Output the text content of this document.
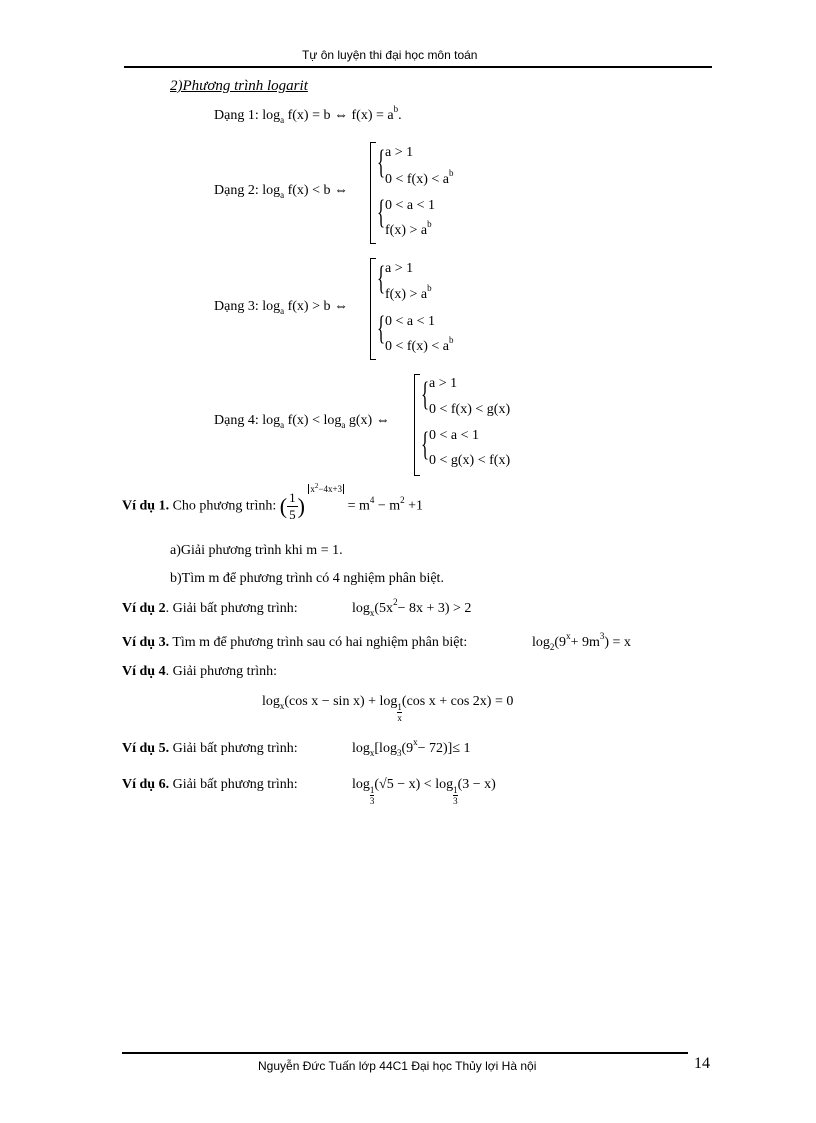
Tự ôn luyện thi đại học môn toán
2)Phương trình logarit
Dạng 1: $\log_a f(x) = b$ ⇔ $f(x) = a^b$.
Dạng 2: $\log_a f(x) < b$ ⇔
{
{
a > 1
$0 < f(x) < a^b$
0 < a < 1
$f(x) > a^b$
Dạng 3: $\log_a f(x) > b$ ⇔
{
{
a > 1
$f(x) > a^b$
0 < a < 1
$0 < f(x) < a^b$
Dạng 4: $\log_a f(x) < \log_a g(x)$ ⇔
{
{
a > 1
0 < f(x) < g(x)
0 < a < 1
0 < g(x) < f(x)
Ví dụ 1. Cho phương trình: ( $\frac{1}{5}$ ) $^{x^2-4x+3} = m^4 - m^2 +1$
a)Giải phương trình khi m = 1.
b)Tìm m để phương trình có 4 nghiệm phân biệt.
Ví dụ 2. Giải bất phương trình:	$\log_x(5x^2- 8x + 3) > 2$
Ví dụ 3. Tìm m để phương trình sau có hai nghiệm phân biệt:	$\log_2(9^x+ 9m^3) = x$
Ví dụ 4. Giải phương trình:
$\log_x(\cos$ x − sin x) + log
$\frac{1}{x}$
(cos x + cos 2x) = 0
Ví dụ 5. Giải bất phương trình:	$\log_x[\log_3(9^x- 72)]\le 1$
Ví dụ 6. Giải bất phương trình:	log
$\frac{1}{3}$
(√5 − x) < log
$\frac{1}{3}$
(3 − x)
Nguyễn Đức Tuấn lớp 44C1 Đại học Thủy lợi Hà nội	14
